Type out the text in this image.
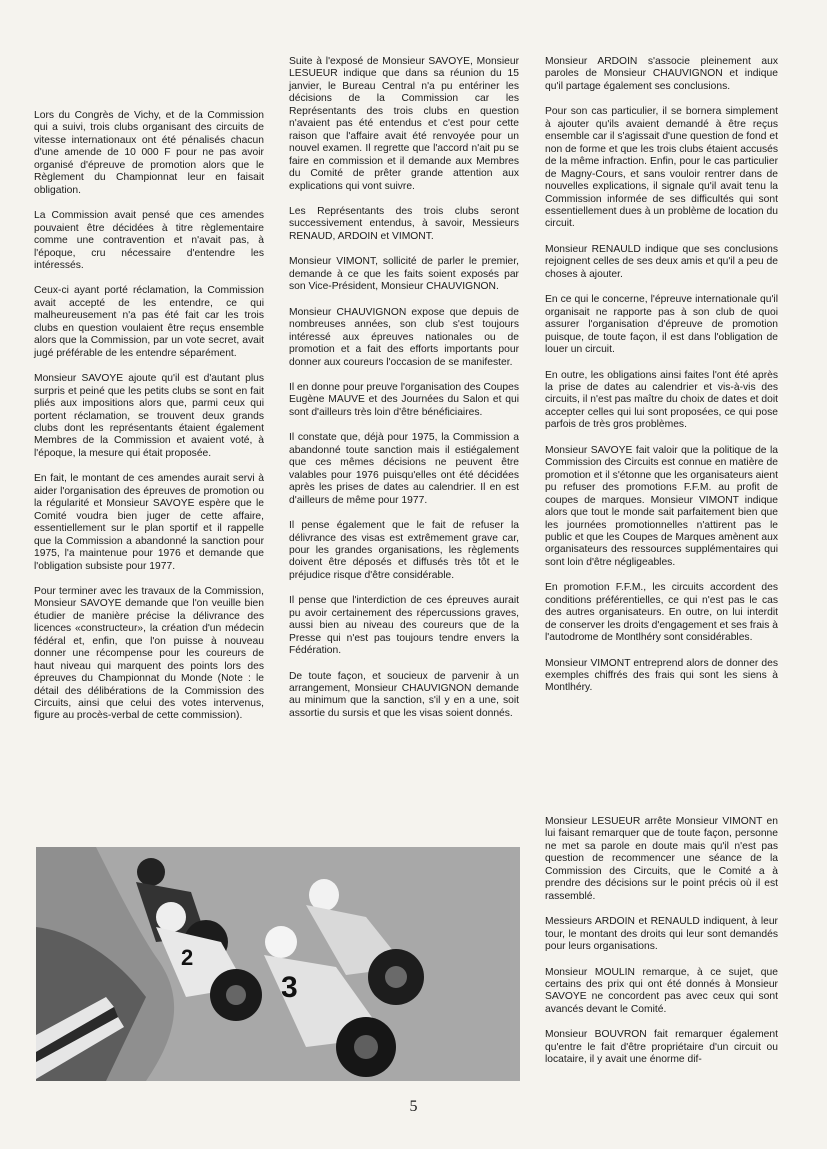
Lors du Congrès de Vichy, et de la Commission qui a suivi, trois clubs organisant des circuits de vitesse internationaux ont été pénalisés chacun d'une amende de 10 000 F pour ne pas avoir organisé d'épreuve de promotion alors que le Règlement du Championnat leur en faisait obligation.

La Commission avait pensé que ces amendes pouvaient être décidées à titre règlementaire comme une contravention et n'avait pas, à l'époque, cru nécessaire d'entendre les intéressés.

Ceux-ci ayant porté réclamation, la Commission avait accepté de les entendre, ce qui malheureusement n'a pas été fait car les trois clubs en question voulaient être reçus ensemble alors que la Commission, par un vote secret, avait jugé préférable de les entendre séparément.

Monsieur SAVOYE ajoute qu'il est d'autant plus surpris et peiné que les petits clubs se sont en fait pliés aux impositions alors que, parmi ceux qui portent réclamation, se trouvent deux grands clubs dont les représentants étaient également Membres de la Commission et avaient voté, à l'époque, la mesure qui était proposée.

En fait, le montant de ces amendes aurait servi à aider l'organisation des épreuves de promotion ou la régularité et Monsieur SAVOYE espère que le Comité voudra bien juger de cette affaire, essentiellement sur le plan sportif et il rappelle que la Commission a abandonné la sanction pour 1975, l'a maintenue pour 1976 et demande que l'obligation subsiste pour 1977.

Pour terminer avec les travaux de la Commission, Monsieur SAVOYE demande que l'on veuille bien étudier de manière précise la délivrance des licences «constructeur», la création d'un médecin fédéral et, enfin, que l'on puisse à nouveau donner une récompense pour les coureurs de haut niveau qui marquent des points lors des épreuves du Championnat du Monde (Note : le détail des délibérations de la Commission des Circuits, ainsi que celui des votes intervenus, figure au procès-verbal de cette commission).

Suite à l'exposé de Monsieur SAVOYE, Monsieur LESUEUR indique que dans sa réunion du 15 janvier, le Bureau Central n'a pu entériner les décisions de la Commission car les Représentants des trois clubs en question n'avaient pas été entendus et c'est pour cette raison que l'affaire avait été renvoyée pour un nouvel examen. Il regrette que l'accord n'ait pu se faire en commission et il demande aux Membres du Comité de prêter grande attention aux explications qui vont suivre.

Les Représentants des trois clubs seront successivement entendus, à savoir, Messieurs RENAUD, ARDOIN et VIMONT.

Monsieur VIMONT, sollicité de parler le premier, demande à ce que les faits soient exposés par son Vice-Président, Monsieur CHAUVIGNON.

Monsieur CHAUVIGNON expose que depuis de nombreuses années, son club s'est toujours intéressé aux épreuves nationales ou de promotion et a fait des efforts importants pour donner aux coureurs l'occasion de se manifester.

Il en donne pour preuve l'organisation des Coupes Eugène MAUVE et des Journées du Salon et qui sont d'ailleurs très loin d'être bénéficiaires.

Il constate que, déjà pour 1975, la Commission a abandonné toute sanction mais il estiégalement que ces mêmes décisions ne peuvent être valables pour 1976 puisqu'elles ont été décidées après les prises de dates au calendrier. Il en est d'ailleurs de même pour 1977.

Il pense également que le fait de refuser la délivrance des visas est extrêmement grave car, pour les grandes organisations, les règlements doivent être déposés et diffusés très tôt et le préjudice risque d'être considérable.

Il pense que l'interdiction de ces épreuves aurait pu avoir certainement des répercussions graves, aussi bien au niveau des coureurs que de la Presse qui n'est pas toujours tendre envers la Fédération.

De toute façon, et soucieux de parvenir à un arrangement, Monsieur CHAUVIGNON demande au minimum que la sanction, s'il y en a une, soit assortie du sursis et que les visas soient donnés.

Monsieur ARDOIN s'associe pleinement aux paroles de Monsieur CHAUVIGNON et indique qu'il partage également ses conclusions.

Pour son cas particulier, il se bornera simplement à ajouter qu'ils avaient demandé à être reçus ensemble car il s'agissait d'une question de fond et non de forme et que les trois clubs étaient accusés de la même infraction. Enfin, pour le cas particulier de Magny-Cours, et sans vouloir rentrer dans de nouvelles explications, il signale qu'il avait tenu la Commission informée de ses difficultés qui sont essentiellement dues à un problème de location du circuit.

Monsieur RENAULD indique que ses conclusions rejoignent celles de ses deux amis et qu'il a peu de choses à ajouter.

En ce qui le concerne, l'épreuve internationale qu'il organisait ne rapporte pas à son club de quoi assurer l'organisation d'épreuve de promotion puisque, de toute façon, il est dans l'obligation de louer un circuit.

En outre, les obligations ainsi faites l'ont été après la prise de dates au calendrier et vis-à-vis des circuits, il n'est pas maître du choix de dates et doit accepter celles qui lui sont proposées, ce qui pose parfois de très gros problèmes.

Monsieur SAVOYE fait valoir que la politique de la Commission des Circuits est connue en matière de promotion et il s'étonne que les organisateurs aient pu refuser des promotions F.F.M. au profit de coupes de marques. Monsieur VIMONT indique alors que tout le monde sait parfaitement bien que les journées promotionnelles n'attirent pas le public et que les Coupes de Marques amènent aux organisateurs des ressources supplémentaires qui sont loin d'être négligeables.

En promotion F.F.M., les circuits accordent des conditions préférentielles, ce qui n'est pas le cas des autres organisateurs. En outre, on lui interdit de conserver les droits d'engagement et ses frais à l'autodrome de Montlhéry sont considérables.

Monsieur VIMONT entreprend alors de donner des exemples chiffrés des frais qui sont les siens à Montlhéry.

Monsieur LESUEUR arrête Monsieur VIMONT en lui faisant remarquer que de toute façon, personne ne met sa parole en doute mais qu'il n'est pas question de recommencer une séance de la Commission des Circuits, que le Comité a à prendre des décisions sur le point précis où il est rassemblé.

Messieurs ARDOIN et RENAULD indiquent, à leur tour, le montant des droits qui leur sont demandés pour leurs organisations.

Monsieur MOULIN remarque, à ce sujet, que certains des prix qui ont été donnés à Monsieur SAVOYE ne concordent pas avec ceux qui sont avancés devant le Comité.

Monsieur BOUVRON fait remarquer également qu'entre le fait d'être propriétaire d'un circuit ou locataire, il y avait une énorme dif-

2
3
5
